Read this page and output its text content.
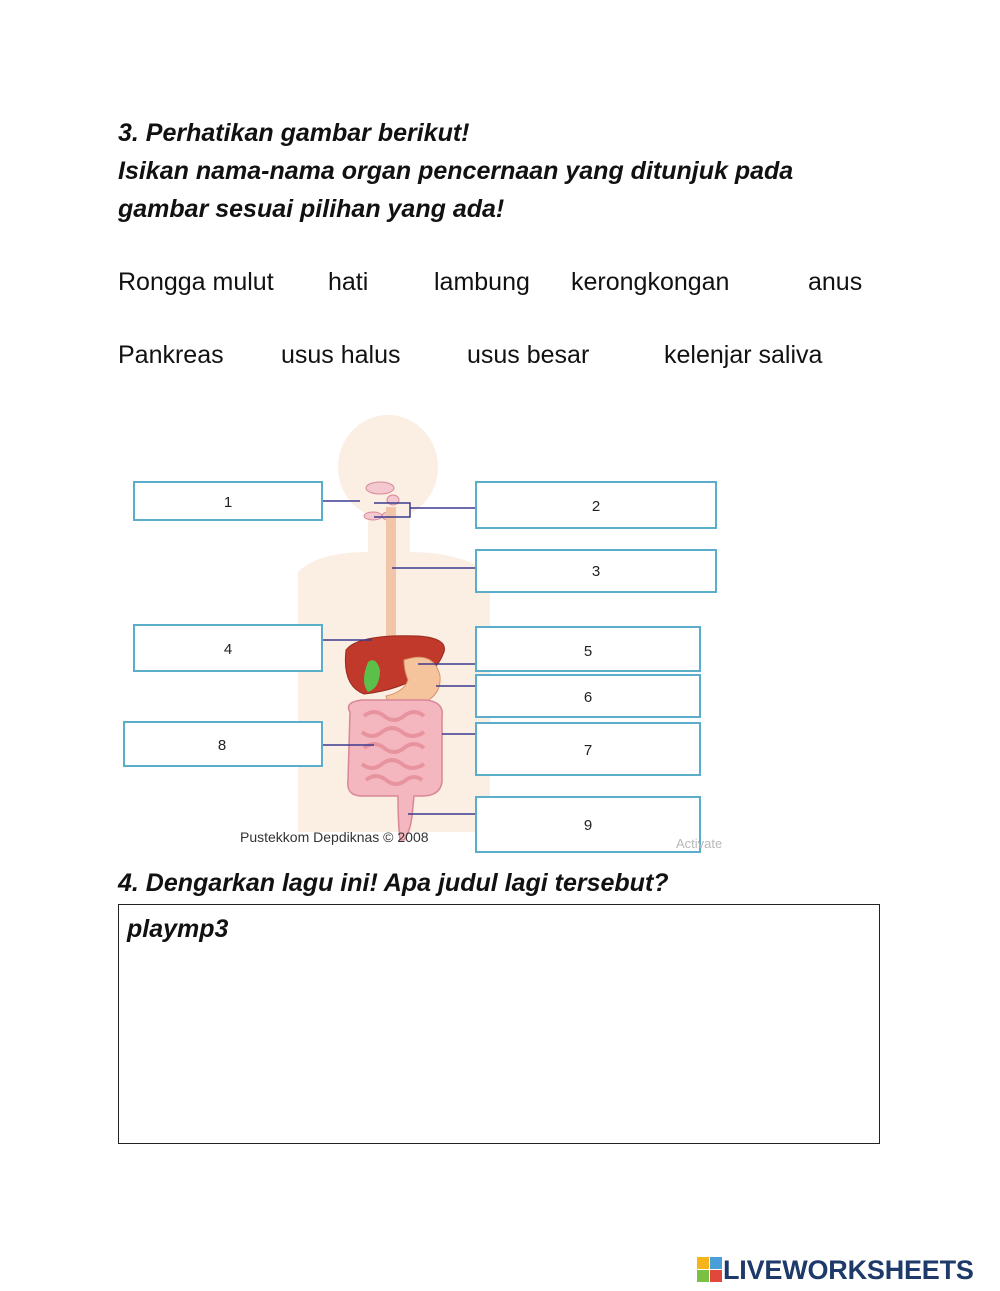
3. Perhatikan gambar berikut!
Isikan nama-nama organ pencernaan yang ditunjuk pada
gambar sesuai pilihan yang ada!
Rongga mulut hati	lambung kerongkongan	anus
Pankreas usus halus	usus besar	kelenjar saliva
1	2
3
4	5
6
7
8
9
Pustekkom Depdiknas © 2008	Activate
4. Dengarkan lagu ini! Apa judul lagi tersebut?
playmp3
LIVEWORKSHEETS
